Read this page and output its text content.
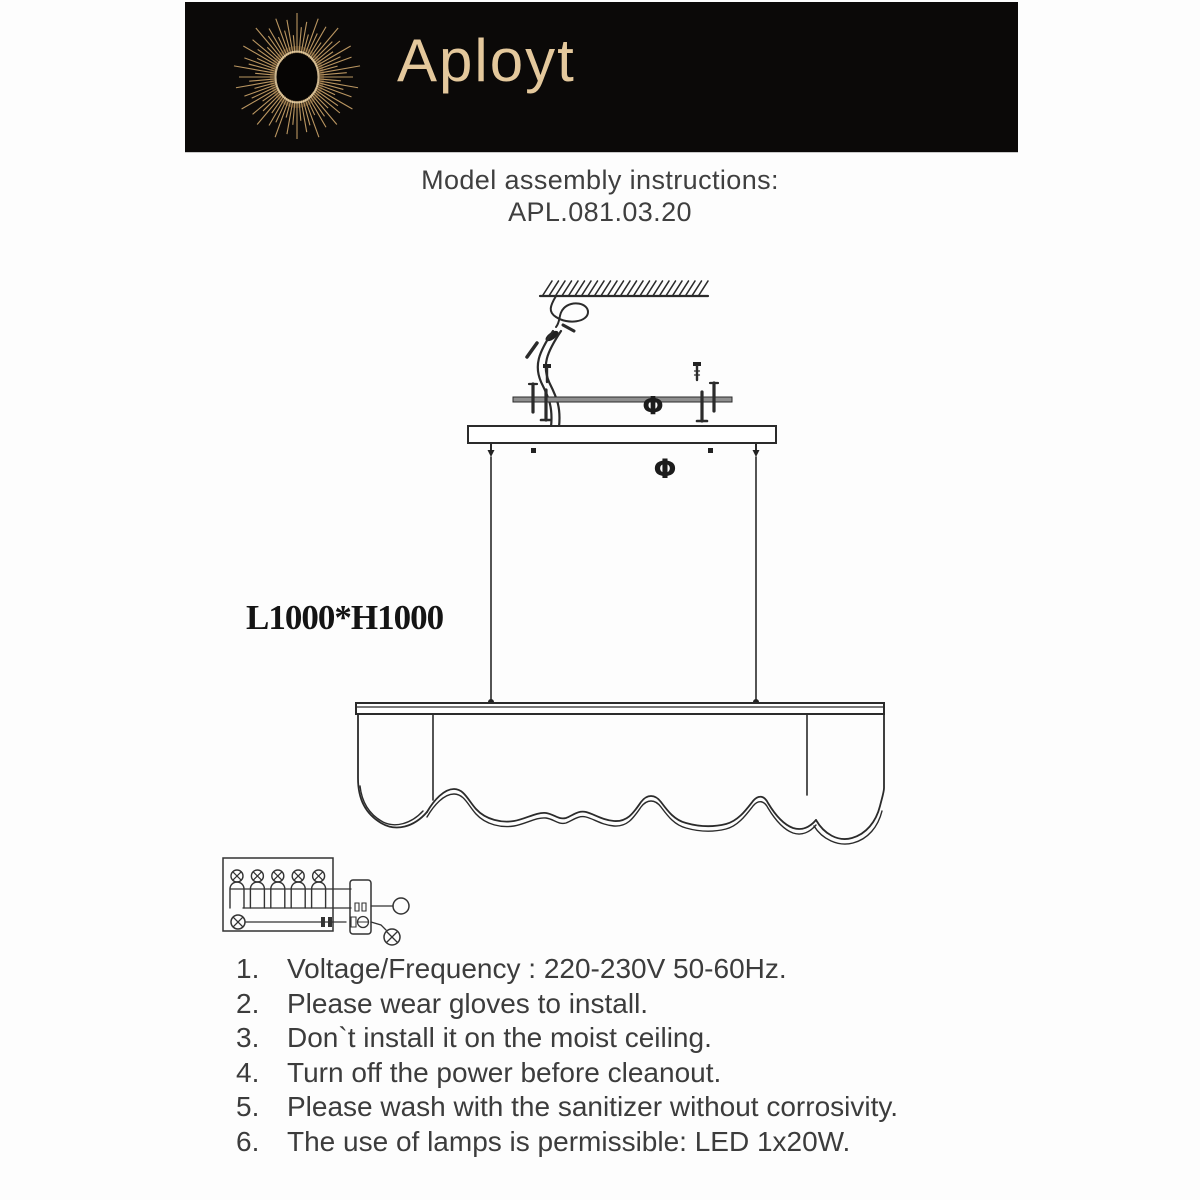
Aployt
Model assembly instructions:
APL.081.03.20
Φ
Φ
L1000*H1000
1. Voltage/Frequency : 220-230V 50-60Hz.
2. Please wear gloves to install.
3. Don`t install it on the moist ceiling.
4. Turn off the power before cleanout.
5. Please wash with the sanitizer without corrosivity.
6. The use of lamps is permissible: LED 1x20W.
